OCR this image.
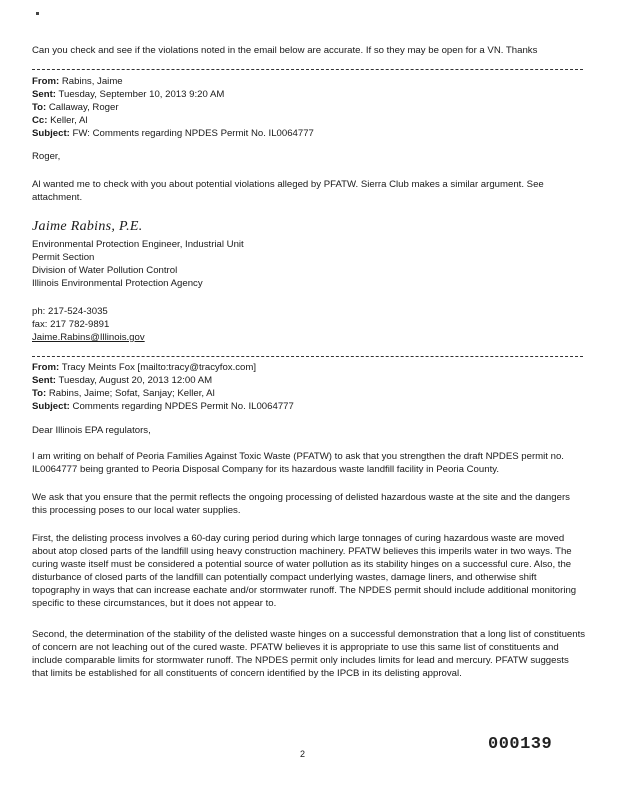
Can you check and see if the violations noted in the email below are accurate. If so they may be open for a VN. Thanks
From: Rabins, Jaime
Sent: Tuesday, September 10, 2013 9:20 AM
To: Callaway, Roger
Cc: Keller, Al
Subject: FW: Comments regarding NPDES Permit No. IL0064777
Roger,
Al wanted me to check with you about potential violations alleged by PFATW. Sierra Club makes a similar argument. See attachment.
Jaime Rabins, P.E.
Environmental Protection Engineer, Industrial Unit
Permit Section
Division of Water Pollution Control
Illinois Environmental Protection Agency
ph: 217-524-3035
fax: 217 782-9891
Jaime.Rabins@Illinois.gov
From: Tracy Meints Fox [mailto:tracy@tracyfox.com]
Sent: Tuesday, August 20, 2013 12:00 AM
To: Rabins, Jaime; Sofat, Sanjay; Keller, Al
Subject: Comments regarding NPDES Permit No. IL0064777
Dear Illinois EPA regulators,
I am writing on behalf of Peoria Families Against Toxic Waste (PFATW) to ask that you strengthen the draft NPDES permit no. IL0064777 being granted to Peoria Disposal Company for its hazardous waste landfill facility in Peoria County.
We ask that you ensure that the permit reflects the ongoing processing of delisted hazardous waste at the site and the dangers this processing poses to our local water supplies.
First, the delisting process involves a 60-day curing period during which large tonnages of curing hazardous waste are moved about atop closed parts of the landfill using heavy construction machinery. PFATW believes this imperils water in two ways. The curing waste itself must be considered a potential source of water pollution as its stability hinges on a successful cure. Also, the disturbance of closed parts of the landfill can potentially compact underlying wastes, damage liners, and otherwise shift topography in ways that can increase eachate and/or stormwater runoff. The NPDES permit should include additional monitoring specific to these circumstances, but it does not appear to.
Second, the determination of the stability of the delisted waste hinges on a successful demonstration that a long list of constituents of concern are not leaching out of the cured waste. PFATW believes it is appropriate to use this same list of constituents and include comparable limits for stormwater runoff. The NPDES permit only includes limits for lead and mercury. PFATW suggests that limits be established for all constituents of concern identified by the IPCB in its delisting approval.
2	000139
